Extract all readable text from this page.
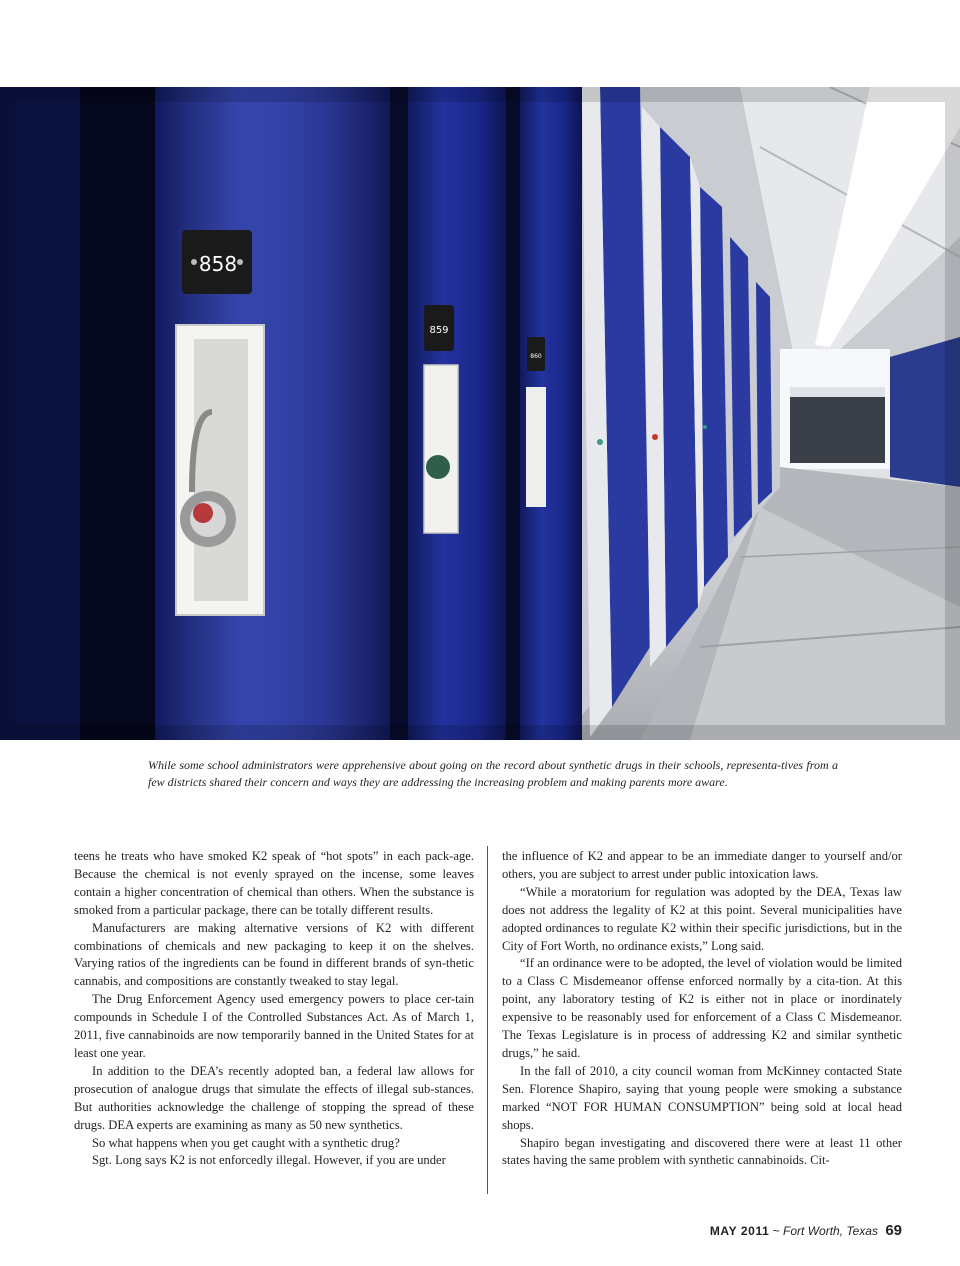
858
859
860
While some school administrators were apprehensive about going on the record about synthetic drugs in their schools, representa-tives from a few districts shared their concern and ways they are addressing the increasing problem and making parents more aware.

teens he treats who have smoked K2 speak of “hot spots” in each pack-age. Because the chemical is not evenly sprayed on the incense, some leaves contain a higher concentration of chemical than others. When the substance is smoked from a particular package, there can be totally different results.

Manufacturers are making alternative versions of K2 with different combinations of chemicals and new packaging to keep it on the shelves. Varying ratios of the ingredients can be found in different brands of syn-thetic cannabis, and compositions are constantly tweaked to stay legal.

The Drug Enforcement Agency used emergency powers to place cer-tain compounds in Schedule I of the Controlled Substances Act. As of March 1, 2011, five cannabinoids are now temporarily banned in the United States for at least one year.

In addition to the DEA’s recently adopted ban, a federal law allows for prosecution of analogue drugs that simulate the effects of illegal sub-stances. But authorities acknowledge the challenge of stopping the spread of these drugs. DEA experts are examining as many as 50 new synthetics.

So what happens when you get caught with a synthetic drug?

Sgt. Long says K2 is not enforcedly illegal. However, if you are under

the influence of K2 and appear to be an immediate danger to yourself and/or others, you are subject to arrest under public intoxication laws.

“While a moratorium for regulation was adopted by the DEA, Texas law does not address the legality of K2 at this point. Several municipalities have adopted ordinances to regulate K2 within their specific jurisdictions, but in the City of Fort Worth, no ordinance exists,” Long said.

“If an ordinance were to be adopted, the level of violation would be limited to a Class C Misdemeanor offense enforced normally by a cita-tion. At this point, any laboratory testing of K2 is either not in place or inordinately expensive to be reasonably used for enforcement of a Class C Misdemeanor. The Texas Legislature is in process of addressing K2 and similar synthetic drugs,” he said.

In the fall of 2010, a city council woman from McKinney contacted State Sen. Florence Shapiro, saying that young people were smoking a substance marked “NOT FOR HUMAN CONSUMPTION” being sold at local head shops.

Shapiro began investigating and discovered there were at least 11 other states having the same problem with synthetic cannabinoids. Cit-

MAY 2011 ~ Fort Worth, Texas 69
